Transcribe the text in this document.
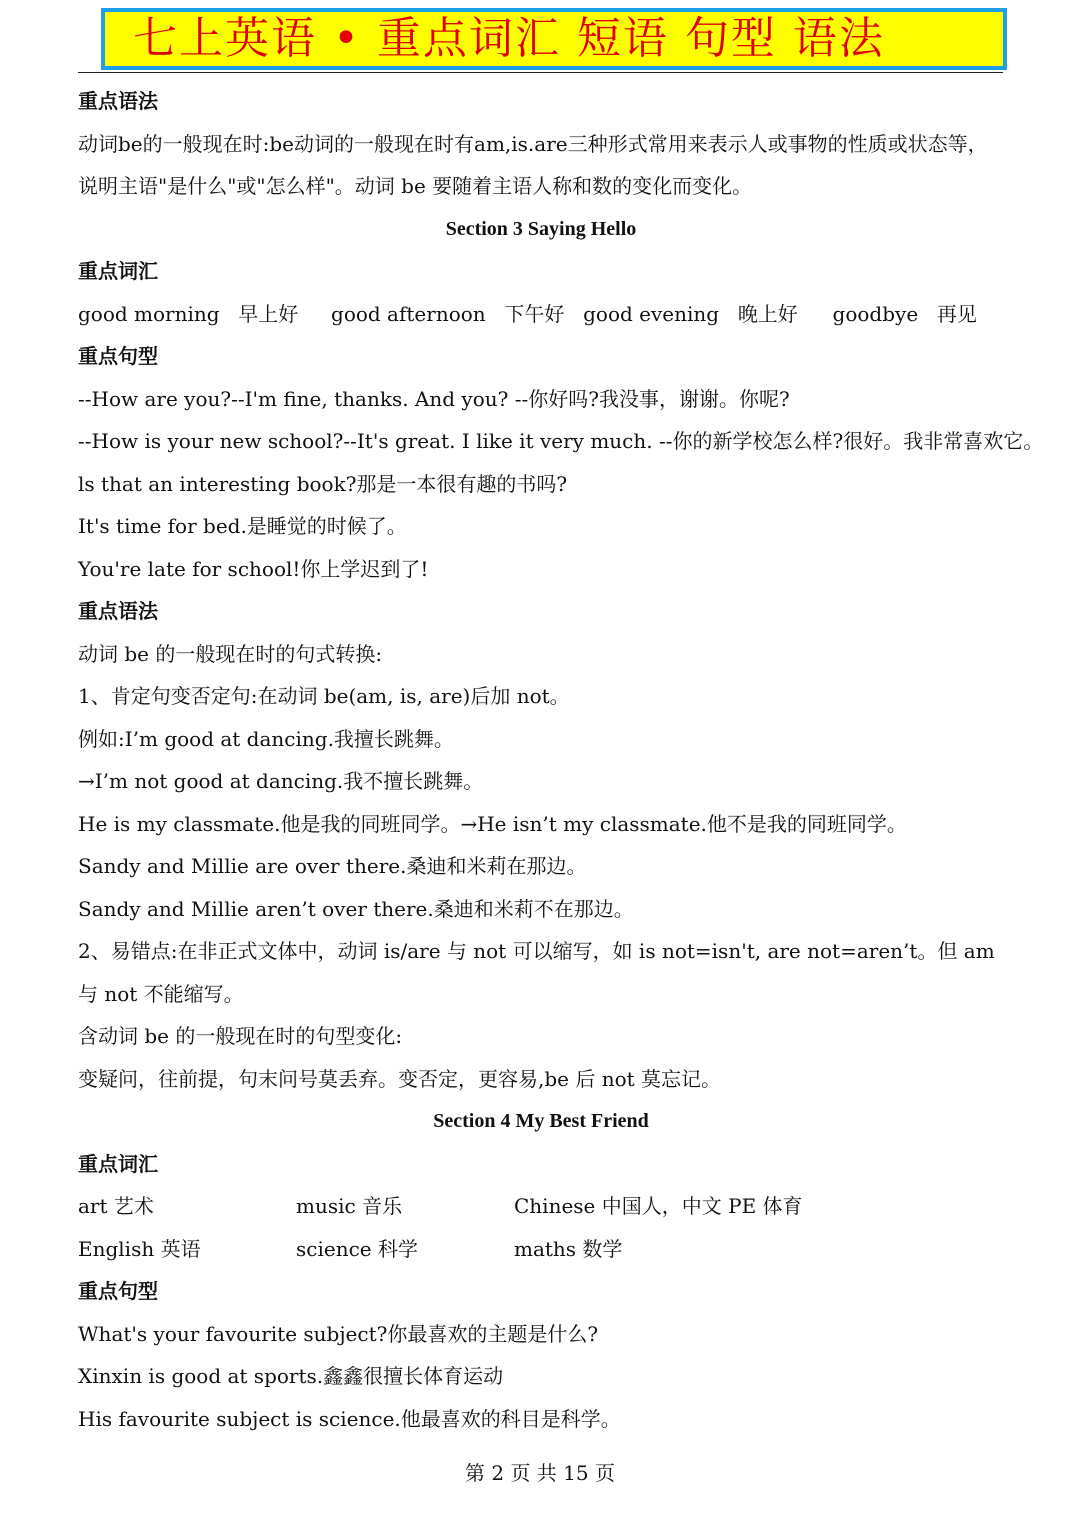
七上英语 • 重点词汇 短语 句型 语法
重点语法
动词be的一般现在时:be动词的一般现在时有am,is.are三种形式常用来表示人或事物的性质或状态等，说明主语"是什么"或"怎么样"。动词 be 要随着主语人称和数的变化而变化。
Section 3 Saying Hello
重点词汇
good morning 早上好 good afternoon 下午好 good evening 晚上好 goodbye 再见
重点句型
--How are you?--I'm fine, thanks. And you? --你好吗?我没事，谢谢。你呢?
--How is your new school?--It's great. I like it very much. --你的新学校怎么样?很好。我非常喜欢它。
ls that an interesting book?那是一本很有趣的书吗?
It's time for bed.是睡觉的时候了。
You're late for school!你上学迟到了!
重点语法
动词 be 的一般现在时的句式转换:
1、肯定句变否定句:在动词 be(am, is, are)后加 not。
例如:I’m good at dancing.我擅长跳舞。
→I’m not good at dancing.我不擅长跳舞。
He is my classmate.他是我的同班同学。→He isn’t my classmate.他不是我的同班同学。
Sandy and Millie are over there.桑迪和米莉在那边。
Sandy and Millie aren’t over there.桑迪和米莉不在那边。
2、易错点:在非正式文体中，动词 is/are 与 not 可以缩写，如 is not=isn't, are not=aren’t。但 am 与 not 不能缩写。
含动词 be 的一般现在时的句型变化:
变疑问，往前提，句末问号莫丢弃。变否定，更容易,be 后 not 莫忘记。
Section 4 My Best Friend
重点词汇
art 艺术	music 音乐	Chinese 中国人，中文 PE 体育
English 英语	science 科学	maths 数学
重点句型
What's your favourite subject?你最喜欢的主题是什么?
Xinxin is good at sports.鑫鑫很擅长体育运动
His favourite subject is science.他最喜欢的科目是科学。
第 2 页 共 15 页
